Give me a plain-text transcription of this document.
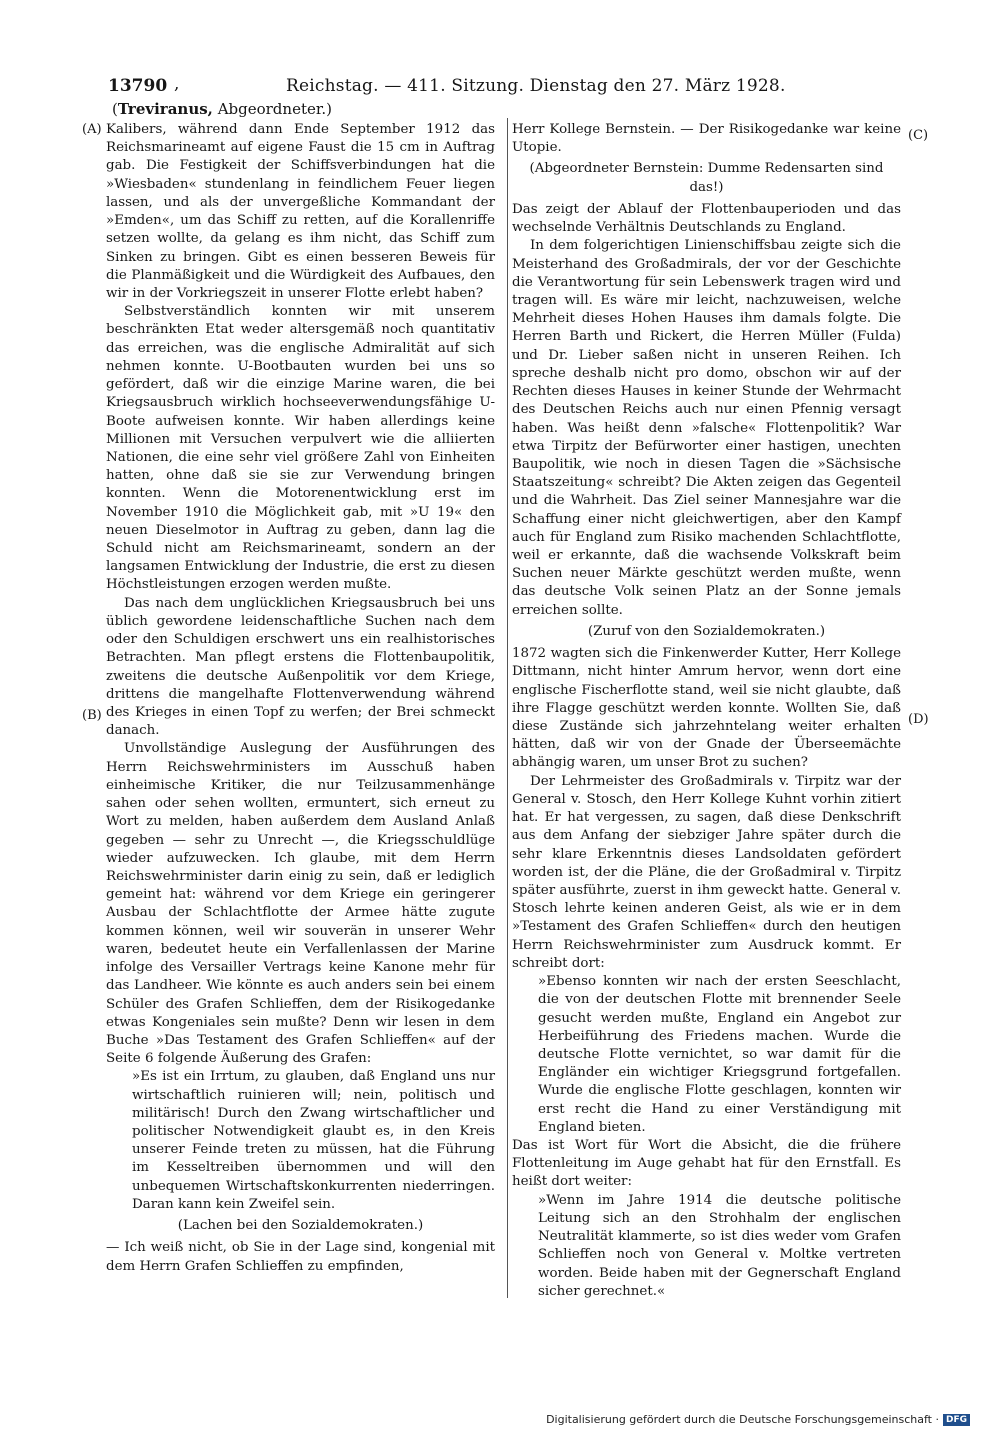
13790 ,	Reichstag. — 411. Sitzung. Dienstag den 27. März 1928.
(Treviranus, Abgeordneter.)
(A)
(B)
(C)
(D)

Kalibers, während dann Ende September 1912 das Reichsmarineamt auf eigene Faust die 15 cm in Auftrag gab. Die Festigkeit der Schiffsverbindungen hat die »Wiesbaden« stundenlang in feindlichem Feuer liegen lassen, und als der unvergeßliche Kommandant der »Emden«, um das Schiff zu retten, auf die Korallenriffe setzen wollte, da gelang es ihm nicht, das Schiff zum Sinken zu bringen. Gibt es einen besseren Beweis für die Planmäßigkeit und die Würdigkeit des Aufbaues, den wir in der Vorkriegszeit in unserer Flotte erlebt haben?

Selbstverständlich konnten wir mit unserem beschränkten Etat weder altersgemäß noch quantitativ das erreichen, was die englische Admiralität auf sich nehmen konnte. U-Bootbauten wurden bei uns so gefördert, daß wir die einzige Marine waren, die bei Kriegsausbruch wirklich hochseeverwendungsfähige U-Boote aufweisen konnte. Wir haben allerdings keine Millionen mit Versuchen verpulvert wie die alliierten Nationen, die eine sehr viel größere Zahl von Einheiten hatten, ohne daß sie sie zur Verwendung bringen konnten. Wenn die Motorenentwicklung erst im November 1910 die Möglichkeit gab, mit »U 19« den neuen Dieselmotor in Auftrag zu geben, dann lag die Schuld nicht am Reichsmarineamt, sondern an der langsamen Entwicklung der Industrie, die erst zu diesen Höchstleistungen erzogen werden mußte.

Das nach dem unglücklichen Kriegsausbruch bei uns üblich gewordene leidenschaftliche Suchen nach dem oder den Schuldigen erschwert uns ein realhistorisches Betrachten. Man pflegt erstens die Flottenbaupolitik, zweitens die deutsche Außenpolitik vor dem Kriege, drittens die mangelhafte Flottenverwendung während des Krieges in einen Topf zu werfen; der Brei schmeckt danach.

Unvollständige Auslegung der Ausführungen des Herrn Reichswehrministers im Ausschuß haben einheimische Kritiker, die nur Teilzusammenhänge sahen oder sehen wollten, ermuntert, sich erneut zu Wort zu melden, haben außerdem dem Ausland Anlaß gegeben — sehr zu Unrecht —, die Kriegsschuldlüge wieder aufzuwecken. Ich glaube, mit dem Herrn Reichswehrminister darin einig zu sein, daß er lediglich gemeint hat: während vor dem Kriege ein geringerer Ausbau der Schlachtflotte der Armee hätte zugute kommen können, weil wir souverän in unserer Wehr waren, bedeutet heute ein Verfallenlassen der Marine infolge des Versailler Vertrags keine Kanone mehr für das Landheer. Wie könnte es auch anders sein bei einem Schüler des Grafen Schlieffen, dem der Risikogedanke etwas Kongeniales sein mußte? Denn wir lesen in dem Buche »Das Testament des Grafen Schlieffen« auf der Seite 6 folgende Äußerung des Grafen:

»Es ist ein Irrtum, zu glauben, daß England uns nur wirtschaftlich ruinieren will; nein, politisch und militärisch! Durch den Zwang wirtschaftlicher und politischer Notwendigkeit glaubt es, in den Kreis unserer Feinde treten zu müssen, hat die Führung im Kesseltreiben übernommen und will den unbequemen Wirtschaftskonkurrenten niederringen. Daran kann kein Zweifel sein.

(Lachen bei den Sozialdemokraten.)

— Ich weiß nicht, ob Sie in der Lage sind, kongenial mit dem Herrn Grafen Schlieffen zu empfinden,

Herr Kollege Bernstein. — Der Risikogedanke war keine Utopie.

(Abgeordneter Bernstein: Dumme Redensarten sind das!)

Das zeigt der Ablauf der Flottenbauperioden und das wechselnde Verhältnis Deutschlands zu England.

In dem folgerichtigen Linienschiffsbau zeigte sich die Meisterhand des Großadmirals, der vor der Geschichte die Verantwortung für sein Lebenswerk tragen wird und tragen will. Es wäre mir leicht, nachzuweisen, welche Mehrheit dieses Hohen Hauses ihm damals folgte. Die Herren Barth und Rickert, die Herren Müller (Fulda) und Dr. Lieber saßen nicht in unseren Reihen. Ich spreche deshalb nicht pro domo, obschon wir auf der Rechten dieses Hauses in keiner Stunde der Wehrmacht des Deutschen Reichs auch nur einen Pfennig versagt haben. Was heißt denn »falsche« Flottenpolitik? War etwa Tirpitz der Befürworter einer hastigen, unechten Baupolitik, wie noch in diesen Tagen die »Sächsische Staatszeitung« schreibt? Die Akten zeigen das Gegenteil und die Wahrheit. Das Ziel seiner Mannesjahre war die Schaffung einer nicht gleichwertigen, aber den Kampf auch für England zum Risiko machenden Schlachtflotte, weil er erkannte, daß die wachsende Volkskraft beim Suchen neuer Märkte geschützt werden mußte, wenn das deutsche Volk seinen Platz an der Sonne jemals erreichen sollte.

(Zuruf von den Sozialdemokraten.)

1872 wagten sich die Finkenwerder Kutter, Herr Kollege Dittmann, nicht hinter Amrum hervor, wenn dort eine englische Fischerflotte stand, weil sie nicht glaubte, daß ihre Flagge geschützt werden konnte. Wollten Sie, daß diese Zustände sich jahrzehntelang weiter erhalten hätten, daß wir von der Gnade der Überseemächte abhängig waren, um unser Brot zu suchen?

Der Lehrmeister des Großadmirals v. Tirpitz war der General v. Stosch, den Herr Kollege Kuhnt vorhin zitiert hat. Er hat vergessen, zu sagen, daß diese Denkschrift aus dem Anfang der siebziger Jahre später durch die sehr klare Erkenntnis dieses Landsoldaten gefördert worden ist, der die Pläne, die der Großadmiral v. Tirpitz später ausführte, zuerst in ihm geweckt hatte. General v. Stosch lehrte keinen anderen Geist, als wie er in dem »Testament des Grafen Schlieffen« durch den heutigen Herrn Reichswehrminister zum Ausdruck kommt. Er schreibt dort:

»Ebenso konnten wir nach der ersten Seeschlacht, die von der deutschen Flotte mit brennender Seele gesucht werden mußte, England ein Angebot zur Herbeiführung des Friedens machen. Wurde die deutsche Flotte vernichtet, so war damit für die Engländer ein wichtiger Kriegsgrund fortgefallen. Wurde die englische Flotte geschlagen, konnten wir erst recht die Hand zu einer Verständigung mit England bieten.

Das ist Wort für Wort die Absicht, die die frühere Flottenleitung im Auge gehabt hat für den Ernstfall. Es heißt dort weiter:

»Wenn im Jahre 1914 die deutsche politische Leitung sich an den Strohhalm der englischen Neutralität klammerte, so ist dies weder vom Grafen Schlieffen noch von General v. Moltke vertreten worden. Beide haben mit der Gegnerschaft England sicher gerechnet.«

Digitalisierung gefördert durch die Deutsche Forschungsgemeinschaft · DFG
